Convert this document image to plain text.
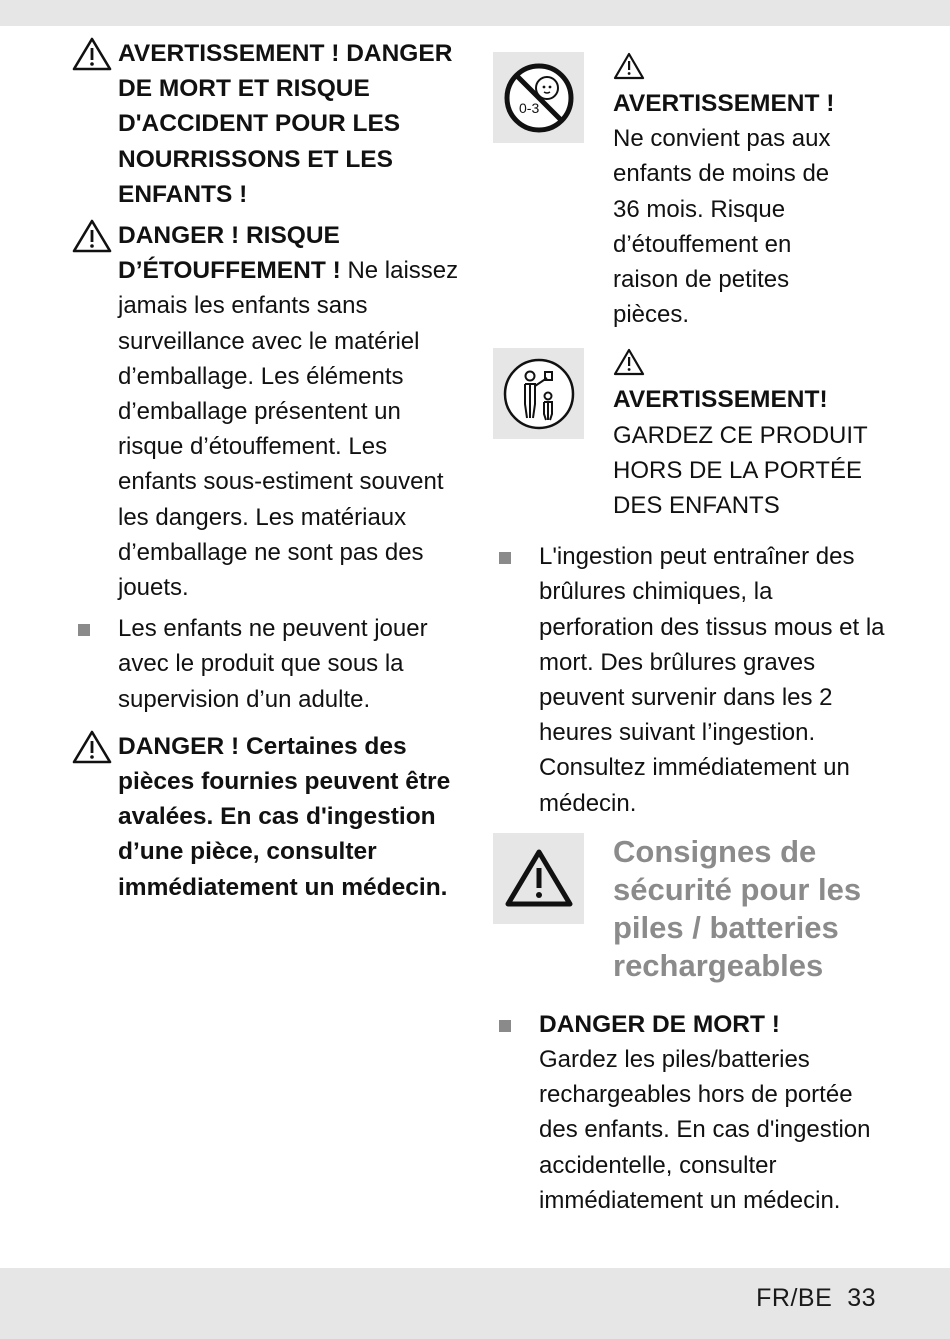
AVERTISSEMENT ! DANGER DE MORT ET RISQUE D'ACCIDENT POUR LES NOURRISSONS ET LES ENFANTS !
DANGER ! RISQUE D’ÉTOUFFEMENT ! Ne laissez jamais les enfants sans surveillance avec le matériel d’emballage. Les éléments d’emballage présentent un risque d’étouffement. Les enfants sous-estiment souvent les dangers. Les matériaux d’emballage ne sont pas des jouets.
Les enfants ne peuvent jouer avec le produit que sous la supervision d’un adulte.
DANGER ! Certaines des pièces fournies peuvent être avalées. En cas d'ingestion d’une pièce, consulter immédiatement un médecin.
0-3	AVERTISSEMENT !
Ne convient pas aux enfants de moins de 36 mois. Risque d’étouffement en raison de petites pièces.
AVERTISSEMENT!
GARDEZ CE PRODUIT HORS DE LA PORTÉE DES ENFANTS
L'ingestion peut entraîner des brûlures chimiques, la perforation des tissus mous et la mort. Des brûlures graves peuvent survenir dans les 2 heures suivant l’ingestion. Consultez immédiatement un médecin.
Consignes de sécurité pour les piles / batteries rechargeables
DANGER DE MORT !
Gardez les piles/batteries rechargeables hors de portée des enfants. En cas d'ingestion accidentelle, consulter immédiatement un médecin.
FR/BE 33
